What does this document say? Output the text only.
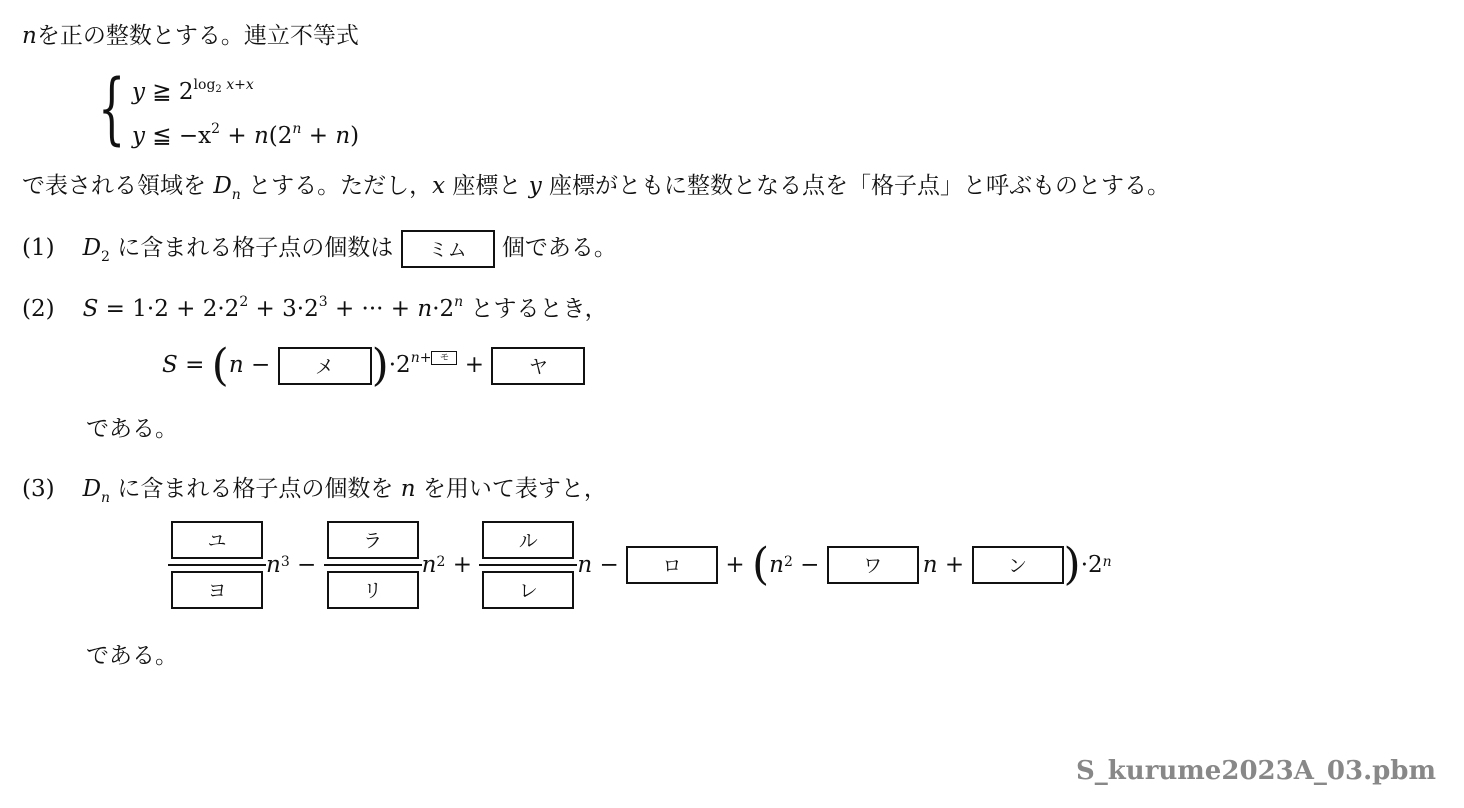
nを正の整数とする。連立不等式
{ y ≧ $2^{log_2 x+x}$
y ≦ $-x^2 + n(2^n + n)$
で表される領域を $D_n$ とする。ただし，x 座標と y 座標がともに整数となる点を「格子点」と呼ぶものとする。
(1) $D_2$ に含まれる格子点の個数は ミム 個である。
(2) $S = 1\cdot 2 + 2\cdot 2^2 + 3\cdot 2^3$ + ··· + $n\cdot 2^n$ とするとき，
S = (n − メ )$\cdot 2^{n+}$ モ + ヤ
である。
(3) $D_n$ に含まれる格子点の個数を n を用いて表すと，
$\frac{\text{ユ}}{\text{ヨ}}$ n $3 - \frac{\text{ラ}}{\text{リ}}$ n $2 + \frac{\text{ル}}{\text{レ}}$ n −	ロ	+ ( n 2 −	ワ	n +	ン ) ·2 n
である。
S_kurume2023A_03.pbm
